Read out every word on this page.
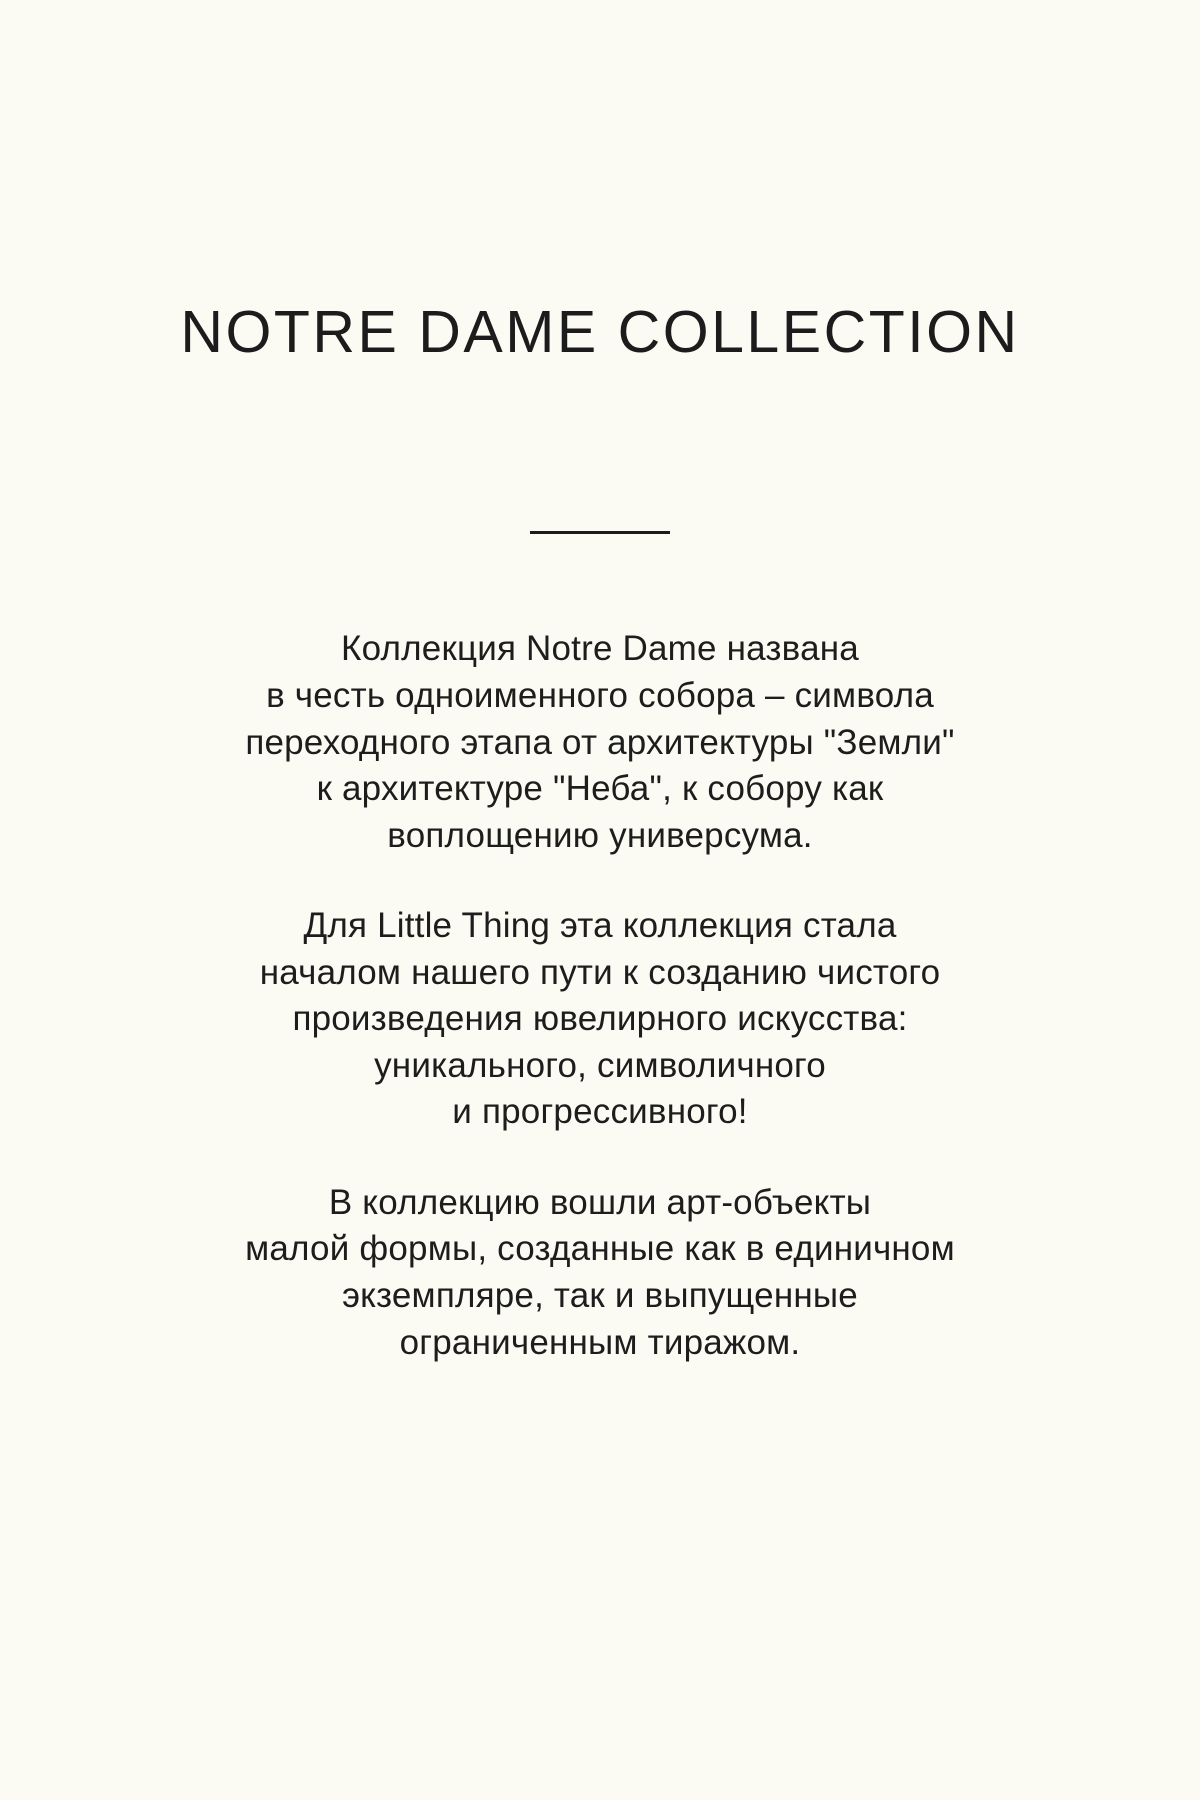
NOTRE DAME COLLECTION

Коллекция Notre Dame названа
в честь одноименного собора – символа
переходного этапа от архитектуры "Земли"
к архитектуре "Неба", к собору как
воплощению универсума.

Для Little Thing эта коллекция стала
началом нашего пути к созданию чистого
произведения ювелирного искусства:
уникального, символичного
и прогрессивного!

В коллекцию вошли арт-объекты
малой формы, созданные как в единичном
экземпляре, так и выпущенные
ограниченным тиражом.
